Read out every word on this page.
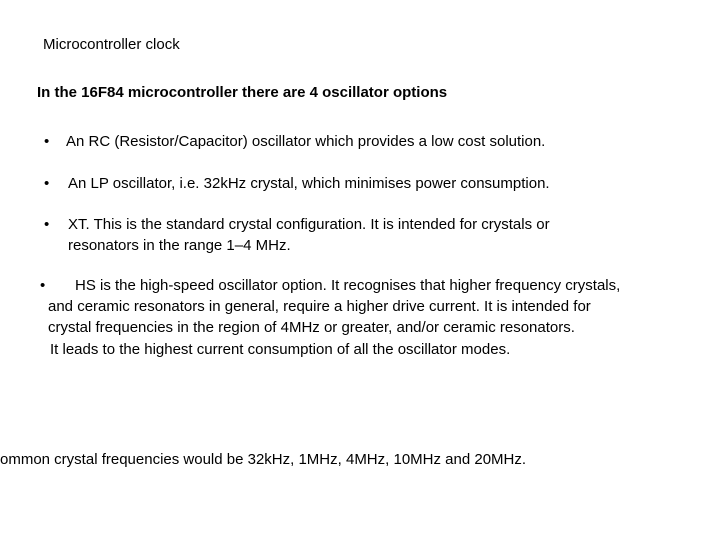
Microcontroller clock
In the 16F84 microcontroller there are 4 oscillator options
• An RC (Resistor/Capacitor) oscillator which provides a low cost solution.
• An LP oscillator, i.e. 32kHz crystal, which minimises power consumption.
• XT. This is the standard crystal configuration. It is intended for crystals or
resonators in the range 1–4 MHz.
• HS is the high-speed oscillator option. It recognises that higher frequency crystals,
and ceramic resonators in general, require a higher drive current. It is intended for
crystal frequencies in the region of 4MHz or greater, and/or ceramic resonators.
It leads to the highest current consumption of all the oscillator modes.
ommon crystal frequencies would be 32kHz, 1MHz, 4MHz, 10MHz and 20MHz.
